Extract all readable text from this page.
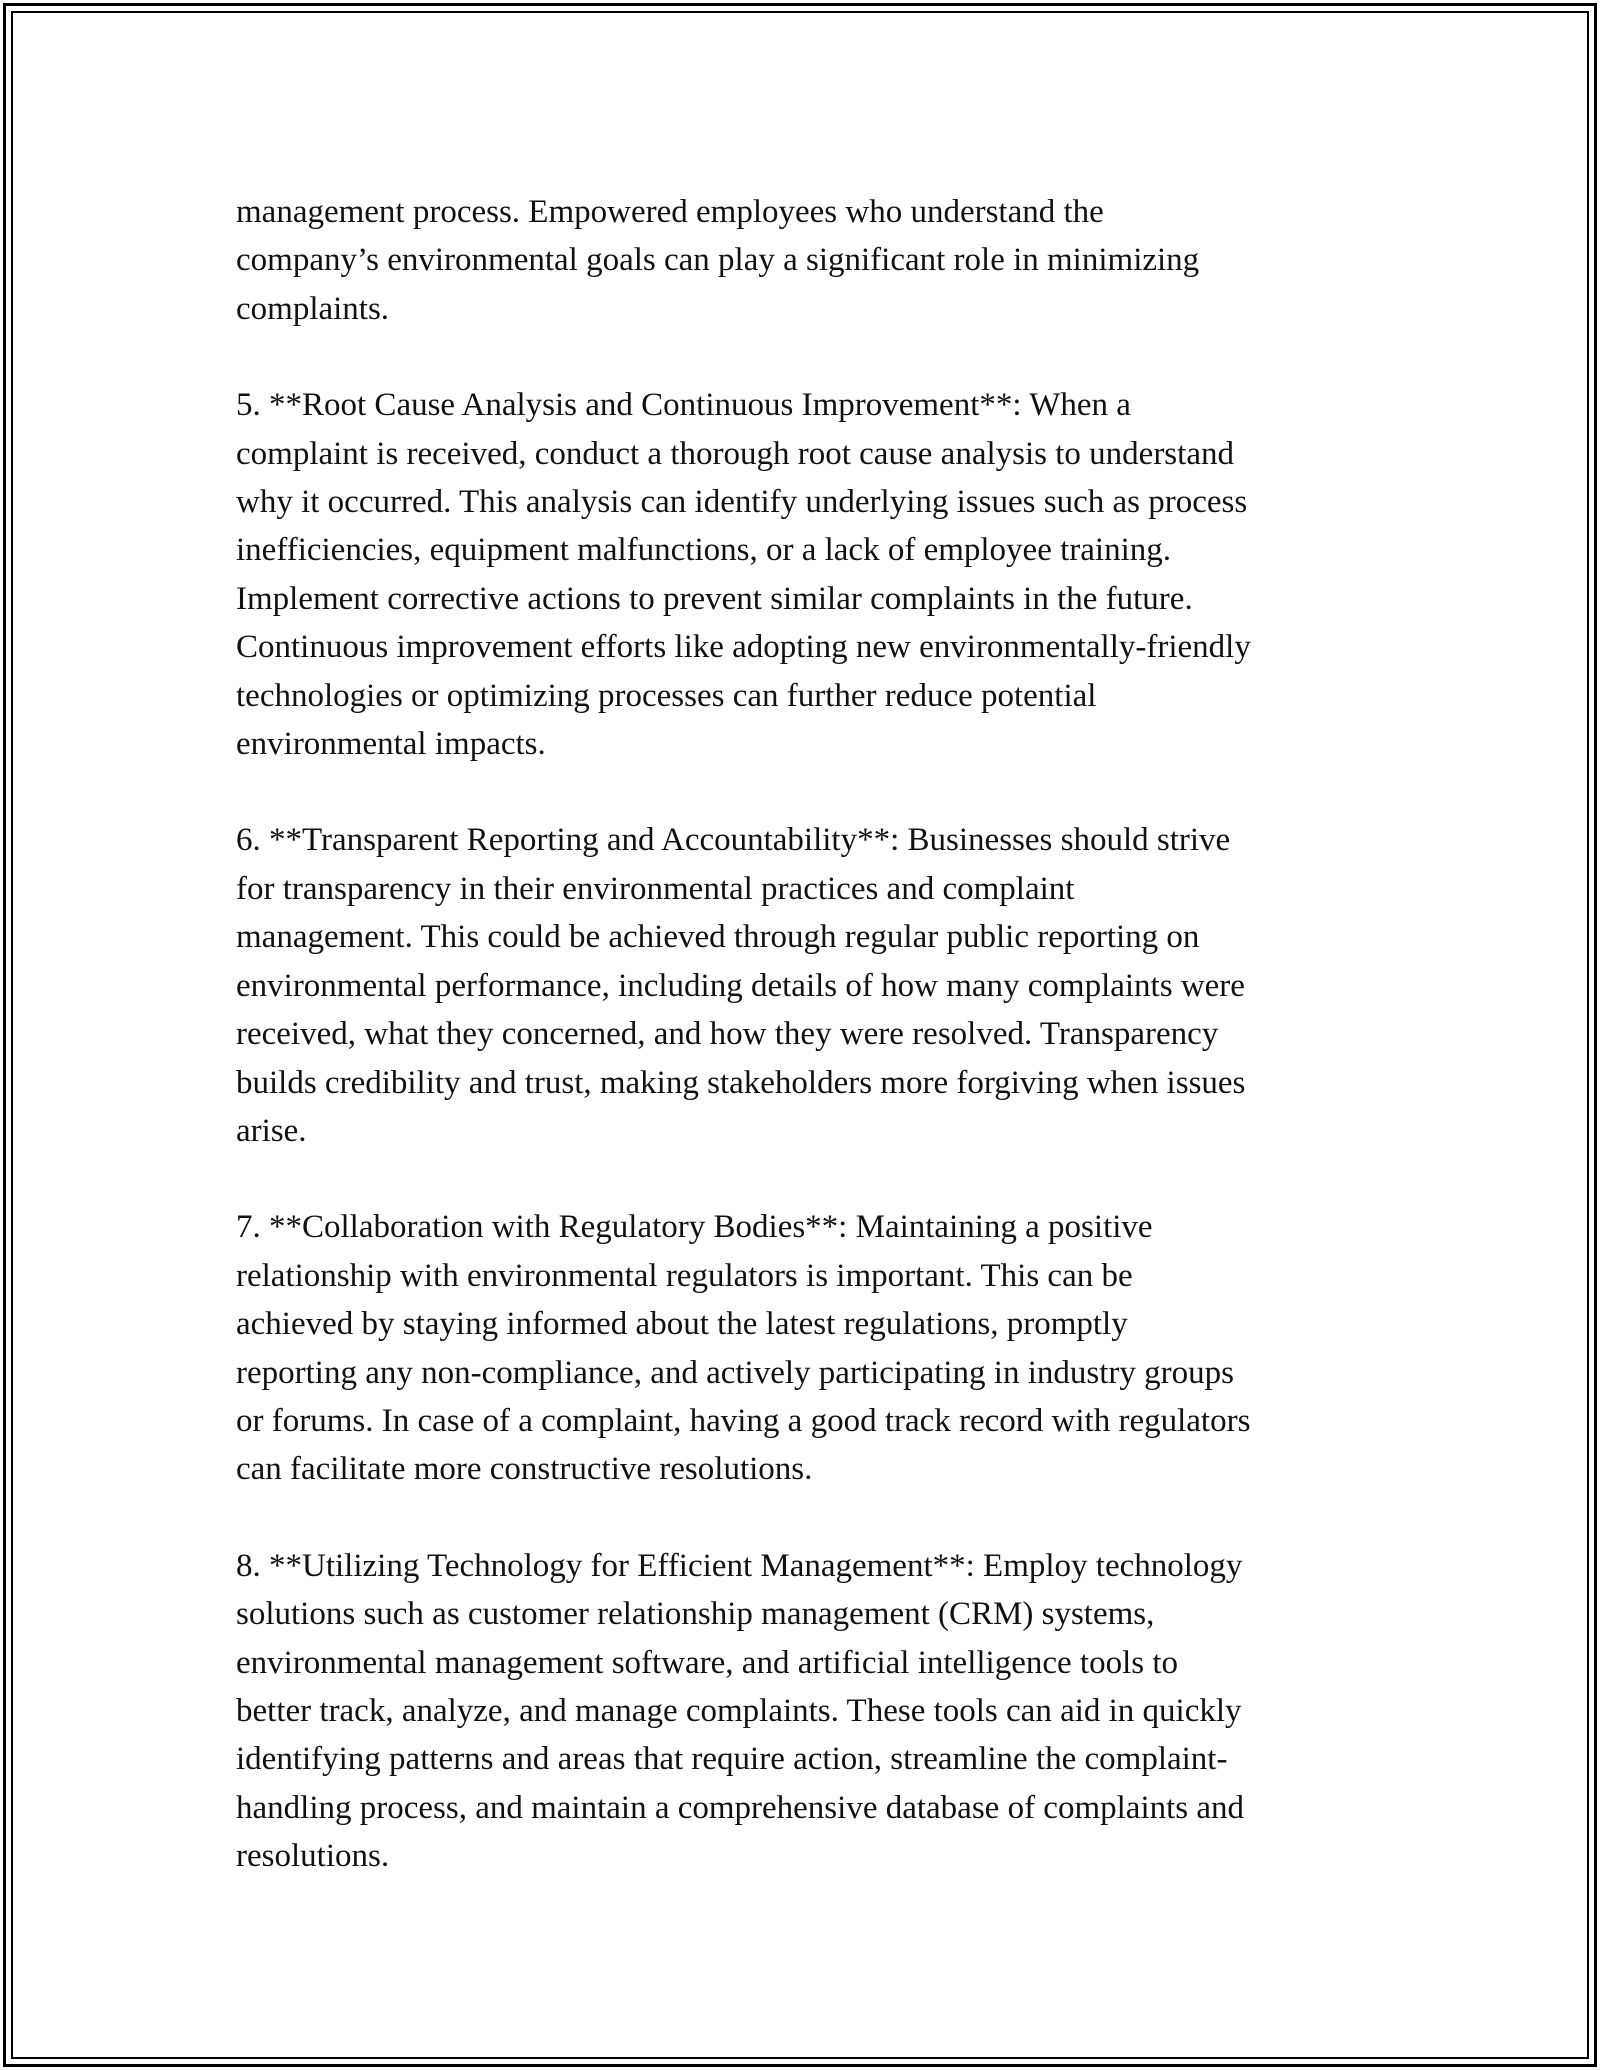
management process. Empowered employees who understand the
company’s environmental goals can play a significant role in minimizing
complaints.

5. **Root Cause Analysis and Continuous Improvement**: When a
complaint is received, conduct a thorough root cause analysis to understand
why it occurred. This analysis can identify underlying issues such as process
inefficiencies, equipment malfunctions, or a lack of employee training.
Implement corrective actions to prevent similar complaints in the future.
Continuous improvement efforts like adopting new environmentally-friendly
technologies or optimizing processes can further reduce potential
environmental impacts.

6. **Transparent Reporting and Accountability**: Businesses should strive
for transparency in their environmental practices and complaint
management. This could be achieved through regular public reporting on
environmental performance, including details of how many complaints were
received, what they concerned, and how they were resolved. Transparency
builds credibility and trust, making stakeholders more forgiving when issues
arise.

7. **Collaboration with Regulatory Bodies**: Maintaining a positive
relationship with environmental regulators is important. This can be
achieved by staying informed about the latest regulations, promptly
reporting any non-compliance, and actively participating in industry groups
or forums. In case of a complaint, having a good track record with regulators
can facilitate more constructive resolutions.

8. **Utilizing Technology for Efficient Management**: Employ technology
solutions such as customer relationship management (CRM) systems,
environmental management software, and artificial intelligence tools to
better track, analyze, and manage complaints. These tools can aid in quickly
identifying patterns and areas that require action, streamline the complaint-
handling process, and maintain a comprehensive database of complaints and
resolutions.
